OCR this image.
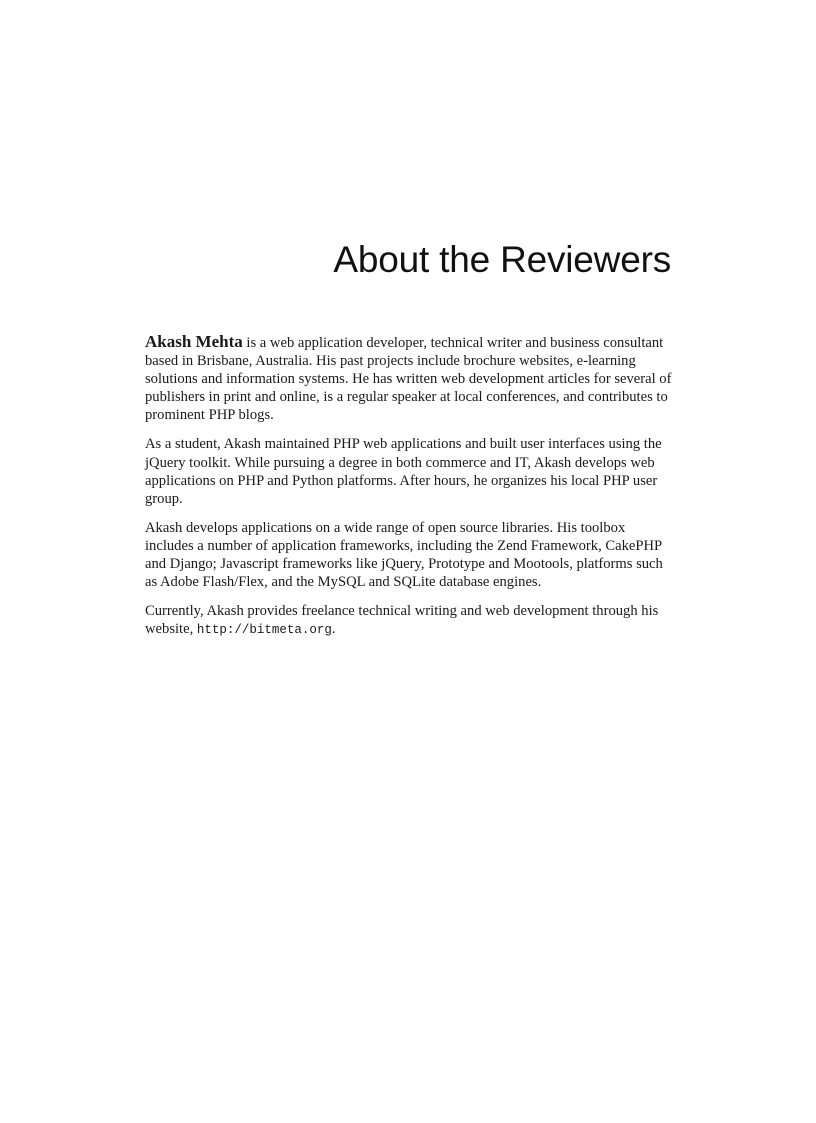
About the Reviewers

Akash Mehta is a web application developer, technical writer and business consultant based in Brisbane, Australia. His past projects include brochure websites, e-learning solutions and information systems. He has written web development articles for several of publishers in print and online, is a regular speaker at local conferences, and contributes to prominent PHP blogs.

As a student, Akash maintained PHP web applications and built user interfaces using the jQuery toolkit. While pursuing a degree in both commerce and IT, Akash develops web applications on PHP and Python platforms. After hours, he organizes his local PHP user group.

Akash develops applications on a wide range of open source libraries. His toolbox includes a number of application frameworks, including the Zend Framework, CakePHP and Django; Javascript frameworks like jQuery, Prototype and Mootools, platforms such as Adobe Flash/Flex, and the MySQL and SQLite database engines.

Currently, Akash provides freelance technical writing and web development through his website, http://bitmeta.org.
